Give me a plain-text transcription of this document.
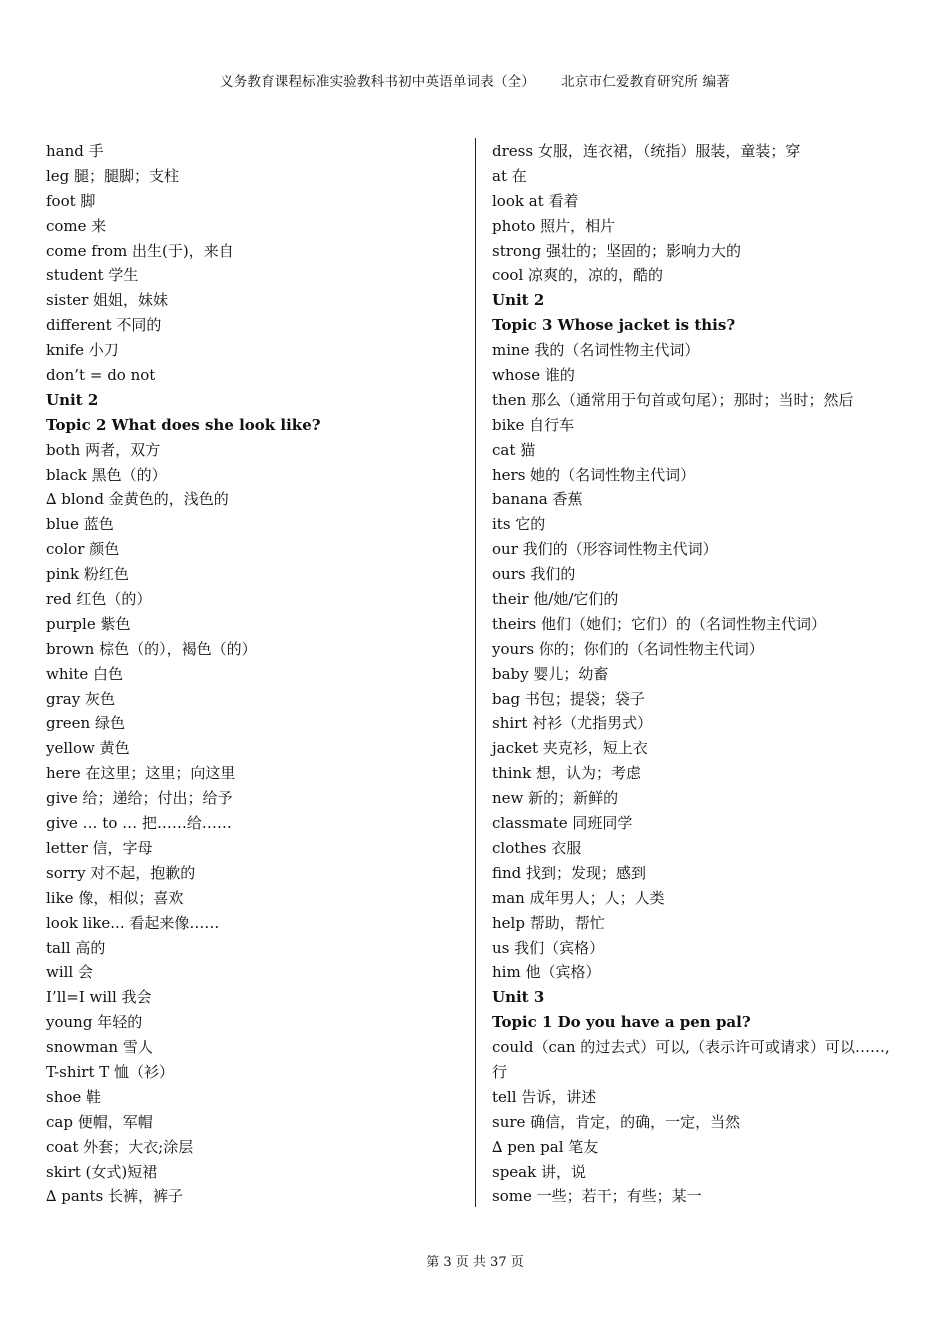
义务教育课程标准实验教科书初中英语单词表（全） 北京市仁爱教育研究所 编著
hand 手
leg 腿；腿脚；支柱
foot 脚
come 来
come from 出生(于)，来自
student 学生
sister 姐姐，妹妹
different 不同的
knife 小刀
don’t = do not
Unit 2
Topic 2 What does she look like?
both 两者，双方
black 黑色（的）
∆ blond 金黄色的，浅色的
blue 蓝色
color 颜色
pink 粉红色
red 红色（的）
purple 紫色
brown 棕色（的），褐色（的）
white 白色
gray 灰色
green 绿色
yellow 黄色
here 在这里；这里；向这里
give 给；递给；付出；给予
give … to … 把……给……
letter 信，字母
sorry 对不起，抱歉的
like 像，相似；喜欢
look like... 看起来像……
tall 高的
will 会
I’ll=I will 我会
young 年轻的
snowman 雪人
T-shirt T 恤（衫）
shoe 鞋
cap 便帽，军帽
coat 外套；大衣;涂层
skirt (女式)短裙
∆ pants 长裤，裤子
dress 女服，连衣裙，（统指）服装，童装；穿
at 在
look at 看着
photo 照片，相片
strong 强壮的；坚固的；影响力大的
cool 凉爽的，凉的，酷的
Unit 2
Topic 3 Whose jacket is this?
mine 我的（名词性物主代词）
whose 谁的
then 那么（通常用于句首或句尾）；那时；当时；然后
bike 自行车
cat 猫
hers 她的（名词性物主代词）
banana 香蕉
its 它的
our 我们的（形容词性物主代词）
ours 我们的
their 他/她/它们的
theirs 他们（她们；它们）的（名词性物主代词）
yours 你的；你们的（名词性物主代词）
baby 婴儿；幼畜
bag 书包；提袋；袋子
shirt 衬衫（尤指男式）
jacket 夹克衫，短上衣
think 想，认为；考虑
new 新的；新鲜的
classmate 同班同学
clothes 衣服
find 找到；发现；感到
man 成年男人；人；人类
help 帮助，帮忙
us 我们（宾格）
him 他（宾格）
Unit 3
Topic 1 Do you have a pen pal?
could（can 的过去式）可以,（表示许可或请求）可以……,
行
tell 告诉，讲述
sure 确信，肯定，的确，一定，当然
∆ pen pal 笔友
speak 讲，说
some 一些；若干；有些；某一
第 3 页 共 37 页
